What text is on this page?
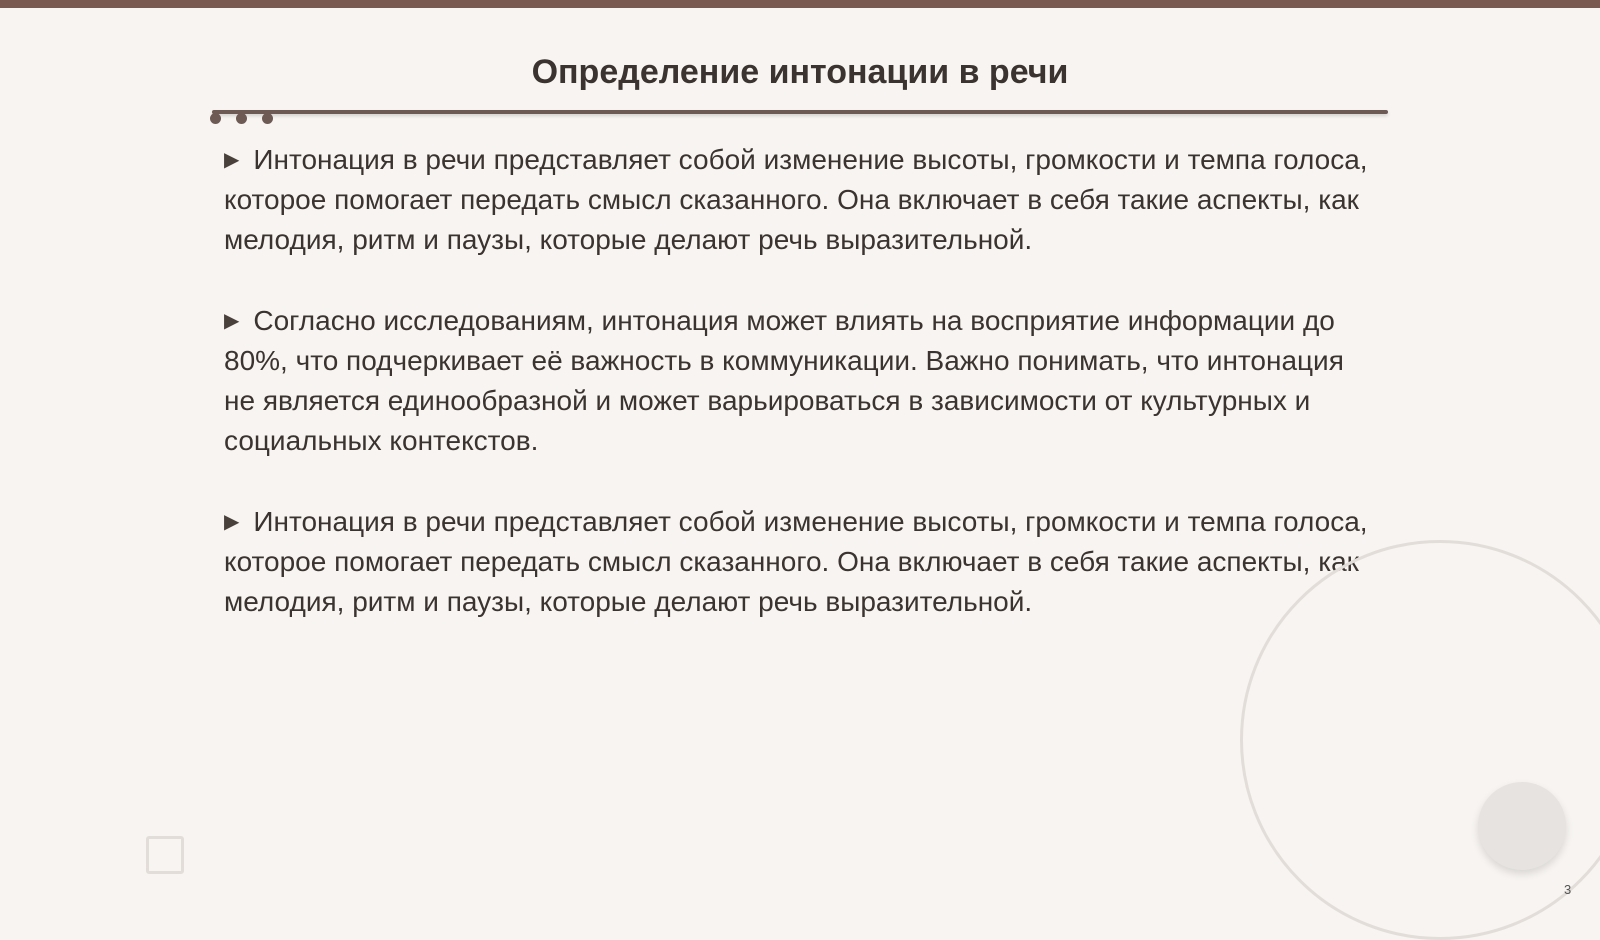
Определение интонации в речи

▶ Интонация в речи представляет собой изменение высоты, громкости и темпа голоса, которое помогает передать смысл сказанного. Она включает в себя такие аспекты, как мелодия, ритм и паузы, которые делают речь выразительной.

▶ Согласно исследованиям, интонация может влиять на восприятие информации до 80%, что подчеркивает её важность в коммуникации. Важно понимать, что интонация не является единообразной и может варьироваться в зависимости от культурных и социальных контекстов.

▶ Интонация в речи представляет собой изменение высоты, громкости и темпа голоса, которое помогает передать смысл сказанного. Она включает в себя такие аспекты, как мелодия, ритм и паузы, которые делают речь выразительной.

3
